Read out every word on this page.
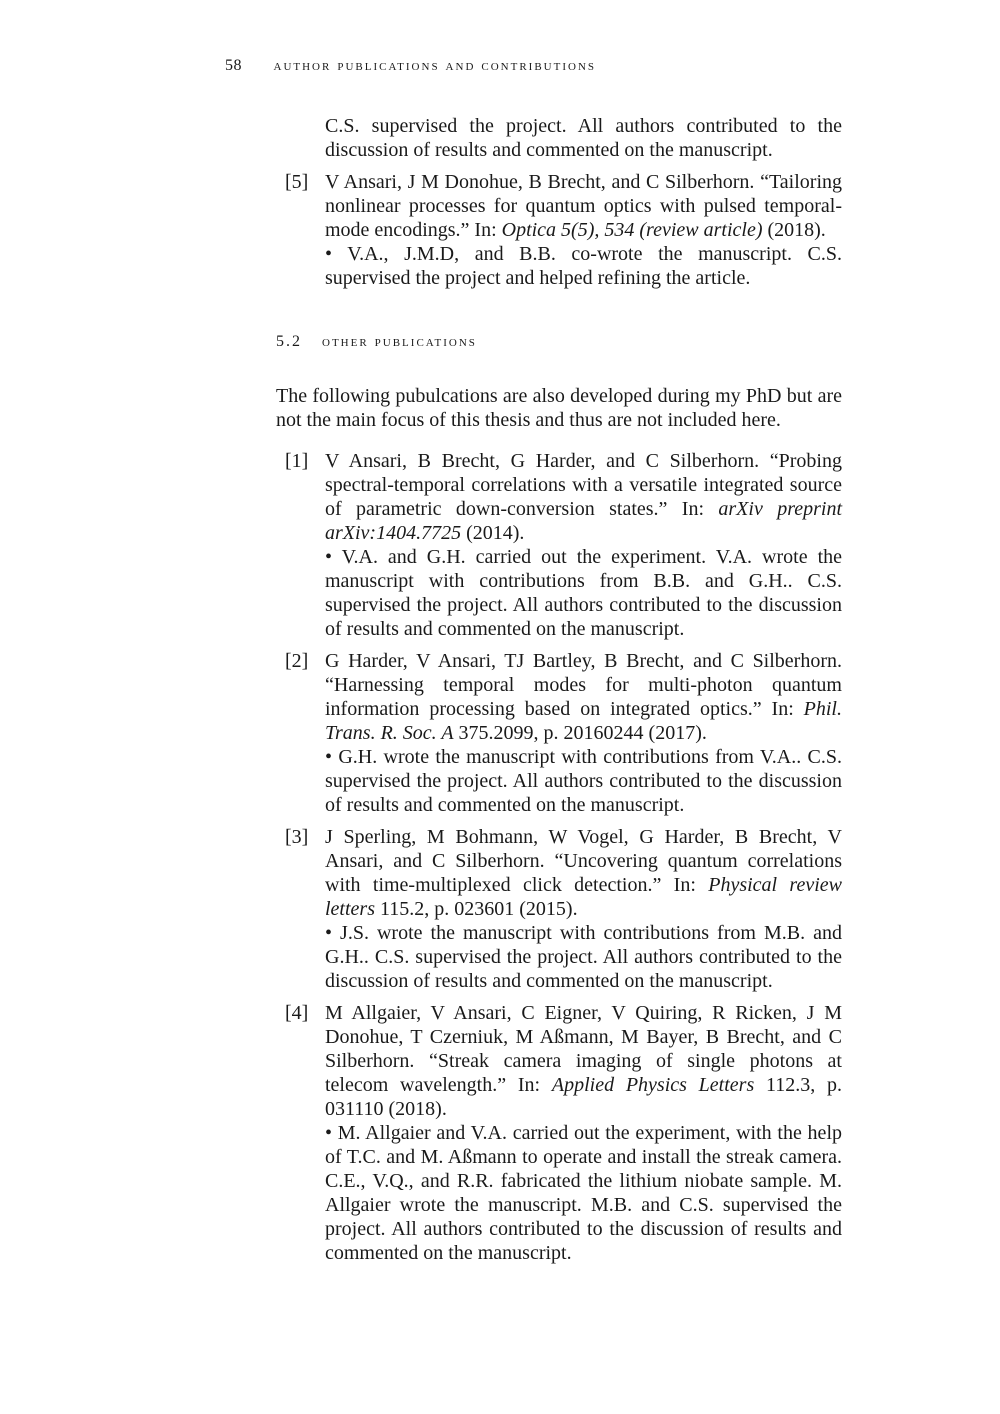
58 author publications and contributions

C.S. supervised the project. All authors contributed to the discussion of results and commented on the manuscript.

[5] V Ansari, J M Donohue, B Brecht, and C Silberhorn. “Tailoring nonlinear processes for quantum optics with pulsed temporal-mode encodings.” In: Optica 5(5), 534 (review article) (2018).

• V.A., J.M.D, and B.B. co-wrote the manuscript. C.S. supervised the project and helped refining the article.

5.2 other publications

The following pubulcations are also developed during my PhD but are not the main focus of this thesis and thus are not included here.

[1] V Ansari, B Brecht, G Harder, and C Silberhorn. “Probing spectral-temporal correlations with a versatile integrated source of parametric down-conversion states.” In: arXiv preprint arXiv:1404.7725 (2014).

• V.A. and G.H. carried out the experiment. V.A. wrote the manuscript with contributions from B.B. and G.H.. C.S. supervised the project. All authors contributed to the discussion of results and commented on the manuscript.

[2] G Harder, V Ansari, TJ Bartley, B Brecht, and C Silberhorn. “Harnessing temporal modes for multi-photon quantum information processing based on integrated optics.” In: Phil. Trans. R. Soc. A 375.2099, p. 20160244 (2017).

• G.H. wrote the manuscript with contributions from V.A.. C.S. supervised the project. All authors contributed to the discussion of results and commented on the manuscript.

[3] J Sperling, M Bohmann, W Vogel, G Harder, B Brecht, V Ansari, and C Silberhorn. “Uncovering quantum correlations with time-multiplexed click detection.” In: Physical review letters 115.2, p. 023601 (2015).

• J.S. wrote the manuscript with contributions from M.B. and G.H.. C.S. supervised the project. All authors contributed to the discussion of results and commented on the manuscript.

[4] M Allgaier, V Ansari, C Eigner, V Quiring, R Ricken, J M Donohue, T Czerniuk, M Aßmann, M Bayer, B Brecht, and C Silberhorn. “Streak camera imaging of single photons at telecom wavelength.” In: Applied Physics Letters 112.3, p. 031110 (2018).

• M. Allgaier and V.A. carried out the experiment, with the help of T.C. and M. Aßmann to operate and install the streak camera. C.E., V.Q., and R.R. fabricated the lithium niobate sample. M. Allgaier wrote the manuscript. M.B. and C.S. supervised the project. All authors contributed to the discussion of results and commented on the manuscript.
